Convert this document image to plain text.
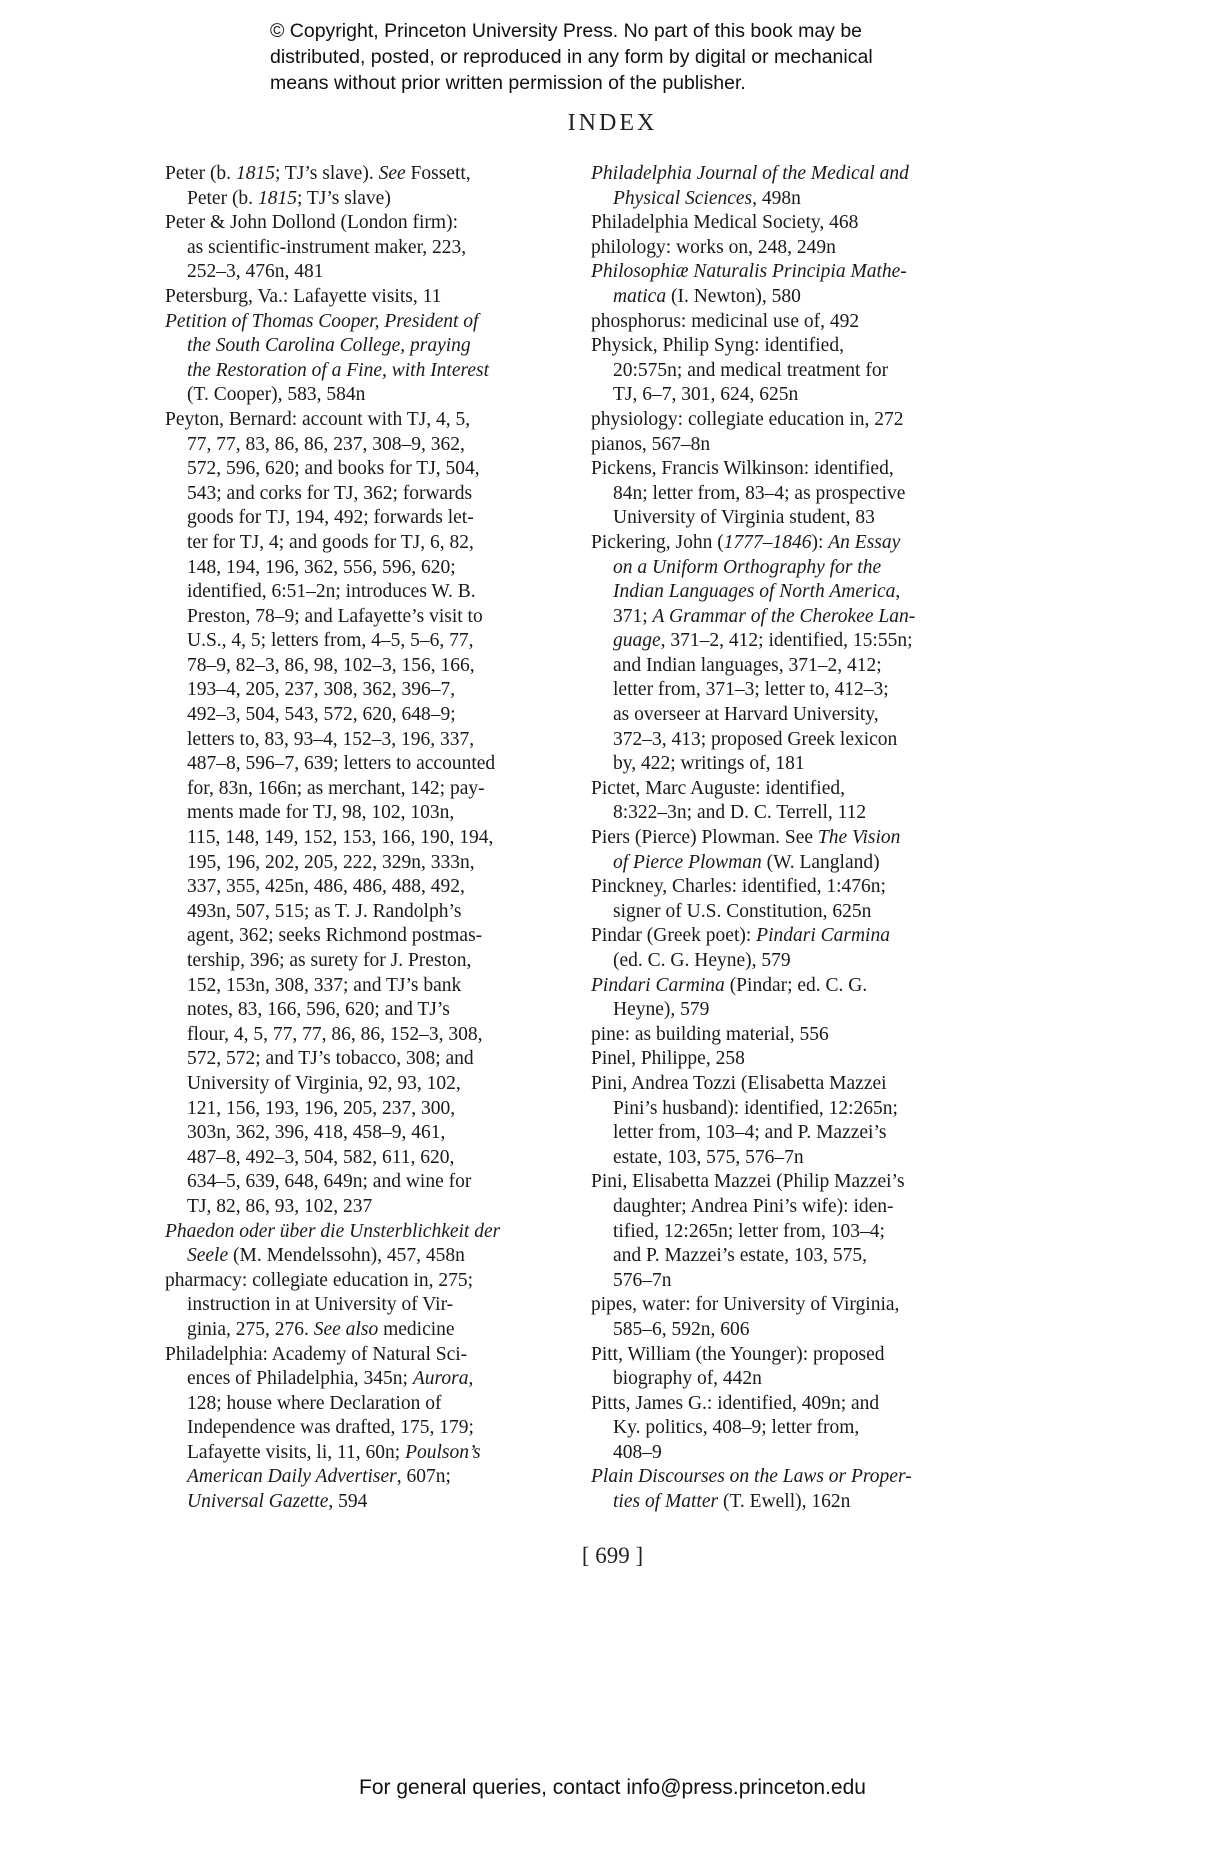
© Copyright, Princeton University Press. No part of this book may be
distributed, posted, or reproduced in any form by digital or mechanical
means without prior written permission of the publisher.
INDEX
Peter (b. 1815; TJ’s slave). See Fossett,
Peter (b. 1815; TJ’s slave)
Peter & John Dollond (London firm):
as scientific-instrument maker, 223,
252–3, 476n, 481
Petersburg, Va.: Lafayette visits, 11
Petition of Thomas Cooper, President of
the South Carolina College, praying
the Restoration of a Fine, with Interest
(T. Cooper), 583, 584n
Peyton, Bernard: account with TJ, 4, 5,
77, 77, 83, 86, 86, 237, 308–9, 362,
572, 596, 620; and books for TJ, 504,
543; and corks for TJ, 362; forwards
goods for TJ, 194, 492; forwards let-
ter for TJ, 4; and goods for TJ, 6, 82,
148, 194, 196, 362, 556, 596, 620;
identified, 6:51–2n; introduces W. B.
Preston, 78–9; and Lafayette’s visit to
U.S., 4, 5; letters from, 4–5, 5–6, 77,
78–9, 82–3, 86, 98, 102–3, 156, 166,
193–4, 205, 237, 308, 362, 396–7,
492–3, 504, 543, 572, 620, 648–9;
letters to, 83, 93–4, 152–3, 196, 337,
487–8, 596–7, 639; letters to accounted
for, 83n, 166n; as merchant, 142; pay-
ments made for TJ, 98, 102, 103n,
115, 148, 149, 152, 153, 166, 190, 194,
195, 196, 202, 205, 222, 329n, 333n,
337, 355, 425n, 486, 486, 488, 492,
493n, 507, 515; as T. J. Randolph’s
agent, 362; seeks Richmond postmas-
tership, 396; as surety for J. Preston,
152, 153n, 308, 337; and TJ’s bank
notes, 83, 166, 596, 620; and TJ’s
flour, 4, 5, 77, 77, 86, 86, 152–3, 308,
572, 572; and TJ’s tobacco, 308; and
University of Virginia, 92, 93, 102,
121, 156, 193, 196, 205, 237, 300,
303n, 362, 396, 418, 458–9, 461,
487–8, 492–3, 504, 582, 611, 620,
634–5, 639, 648, 649n; and wine for
TJ, 82, 86, 93, 102, 237
Phaedon oder über die Unsterblichkeit der
Seele (M. Mendelssohn), 457, 458n
pharmacy: collegiate education in, 275;
instruction in at University of Vir-
ginia, 275, 276. See also medicine
Philadelphia: Academy of Natural Sci-
ences of Philadelphia, 345n; Aurora,
128; house where Declaration of
Independence was drafted, 175, 179;
Lafayette visits, li, 11, 60n; Poulson’s
American Daily Advertiser, 607n;
Universal Gazette, 594
Philadelphia Journal of the Medical and
Physical Sciences, 498n
Philadelphia Medical Society, 468
philology: works on, 248, 249n
Philosophiæ Naturalis Principia Mathe-
matica (I. Newton), 580
phosphorus: medicinal use of, 492
Physick, Philip Syng: identified,
20:575n; and medical treatment for
TJ, 6–7, 301, 624, 625n
physiology: collegiate education in, 272
pianos, 567–8n
Pickens, Francis Wilkinson: identified,
84n; letter from, 83–4; as prospective
University of Virginia student, 83
Pickering, John (1777–1846): An Essay
on a Uniform Orthography for the
Indian Languages of North America,
371; A Grammar of the Cherokee Lan-
guage, 371–2, 412; identified, 15:55n;
and Indian languages, 371–2, 412;
letter from, 371–3; letter to, 412–3;
as overseer at Harvard University,
372–3, 413; proposed Greek lexicon
by, 422; writings of, 181
Pictet, Marc Auguste: identified,
8:322–3n; and D. C. Terrell, 112
Piers (Pierce) Plowman. See The Vision
of Pierce Plowman (W. Langland)
Pinckney, Charles: identified, 1:476n;
signer of U.S. Constitution, 625n
Pindar (Greek poet): Pindari Carmina
(ed. C. G. Heyne), 579
Pindari Carmina (Pindar; ed. C. G.
Heyne), 579
pine: as building material, 556
Pinel, Philippe, 258
Pini, Andrea Tozzi (Elisabetta Mazzei
Pini’s husband): identified, 12:265n;
letter from, 103–4; and P. Mazzei’s
estate, 103, 575, 576–7n
Pini, Elisabetta Mazzei (Philip Mazzei’s
daughter; Andrea Pini’s wife): iden-
tified, 12:265n; letter from, 103–4;
and P. Mazzei’s estate, 103, 575,
576–7n
pipes, water: for University of Virginia,
585–6, 592n, 606
Pitt, William (the Younger): proposed
biography of, 442n
Pitts, James G.: identified, 409n; and
Ky. politics, 408–9; letter from,
408–9
Plain Discourses on the Laws or Proper-
ties of Matter (T. Ewell), 162n
[ 699 ]
For general queries, contact info@press.princeton.edu
